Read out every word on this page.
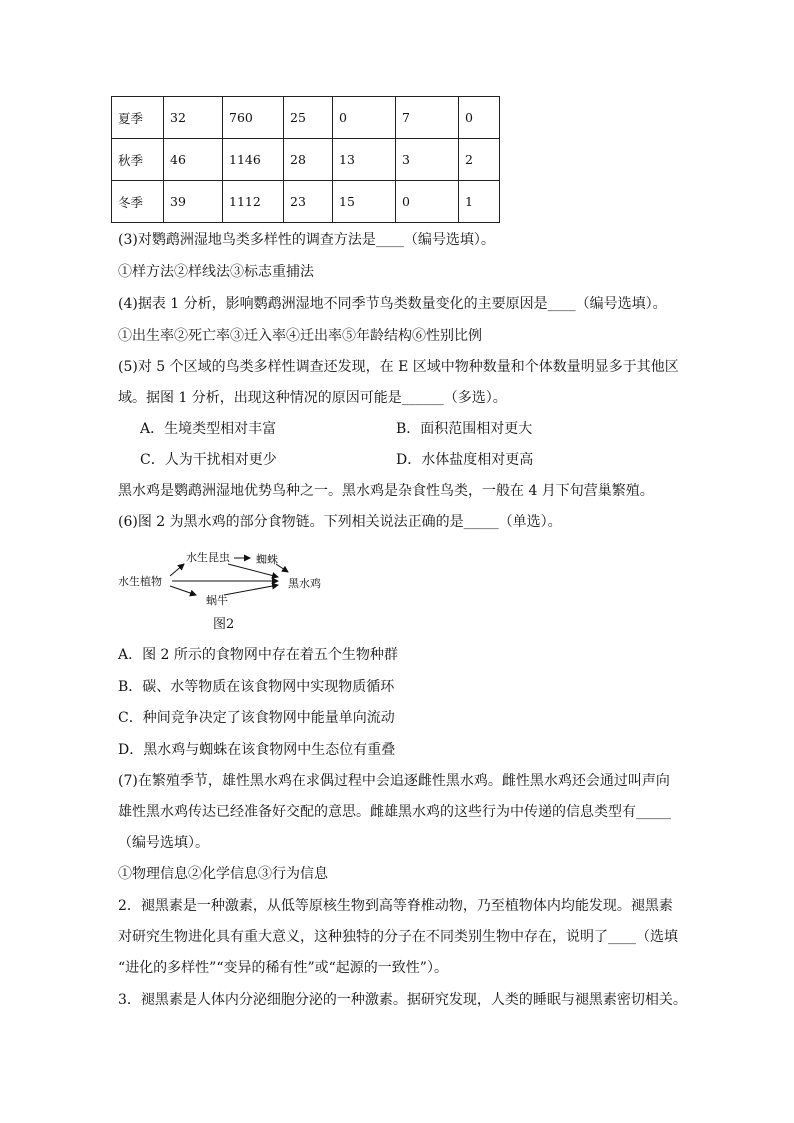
夏季	32	760	25	0	7	0
秋季	46	1146	28	13	3	2
冬季	39	1112	23	15	0	1
(3)对鹦鹉洲湿地鸟类多样性的调查方法是____（编号选填）。
①样方法②样线法③标志重捕法
(4)据表 1 分析，影响鹦鹉洲湿地不同季节鸟类数量变化的主要原因是____（编号选填）。
①出生率②死亡率③迁入率④迁出率⑤年龄结构⑥性别比例
(5)对 5 个区域的鸟类多样性调查还发现，在 E 区域中物种数量和个体数量明显多于其他区
域。据图 1 分析，出现这种情况的原因可能是______（多选）。
A．生境类型相对丰富	B．面积范围相对更大
C．人为干扰相对更少	D．水体盐度相对更高
黑水鸡是鹦鹉洲湿地优势鸟种之一。黑水鸡是杂食性鸟类，一般在 4 月下旬营巢繁殖。
(6)图 2 为黑水鸡的部分食物链。下列相关说法正确的是_____（单选）。
水生植物
水生昆虫 蜘蛛
蜗牛
黑水鸡
图2
A．图 2 所示的食物网中存在着五个生物种群
B．碳、水等物质在该食物网中实现物质循环
C．种间竞争决定了该食物网中能量单向流动
D．黑水鸡与蜘蛛在该食物网中生态位有重叠
(7)在繁殖季节，雄性黑水鸡在求偶过程中会追逐雌性黑水鸡。雌性黑水鸡还会通过叫声向
雄性黑水鸡传达已经准备好交配的意思。雌雄黑水鸡的这些行为中传递的信息类型有_____
（编号选填）。
①物理信息②化学信息③行为信息
2．褪黑素是一种激素，从低等原核生物到高等脊椎动物，乃至植物体内均能发现。褪黑素
对研究生物进化具有重大意义，这种独特的分子在不同类别生物中存在，说明了____（选填
“进化的多样性”“变异的稀有性”或“起源的一致性”）。
3．褪黑素是人体内分泌细胞分泌的一种激素。据研究发现，人类的睡眠与褪黑素密切相关。
